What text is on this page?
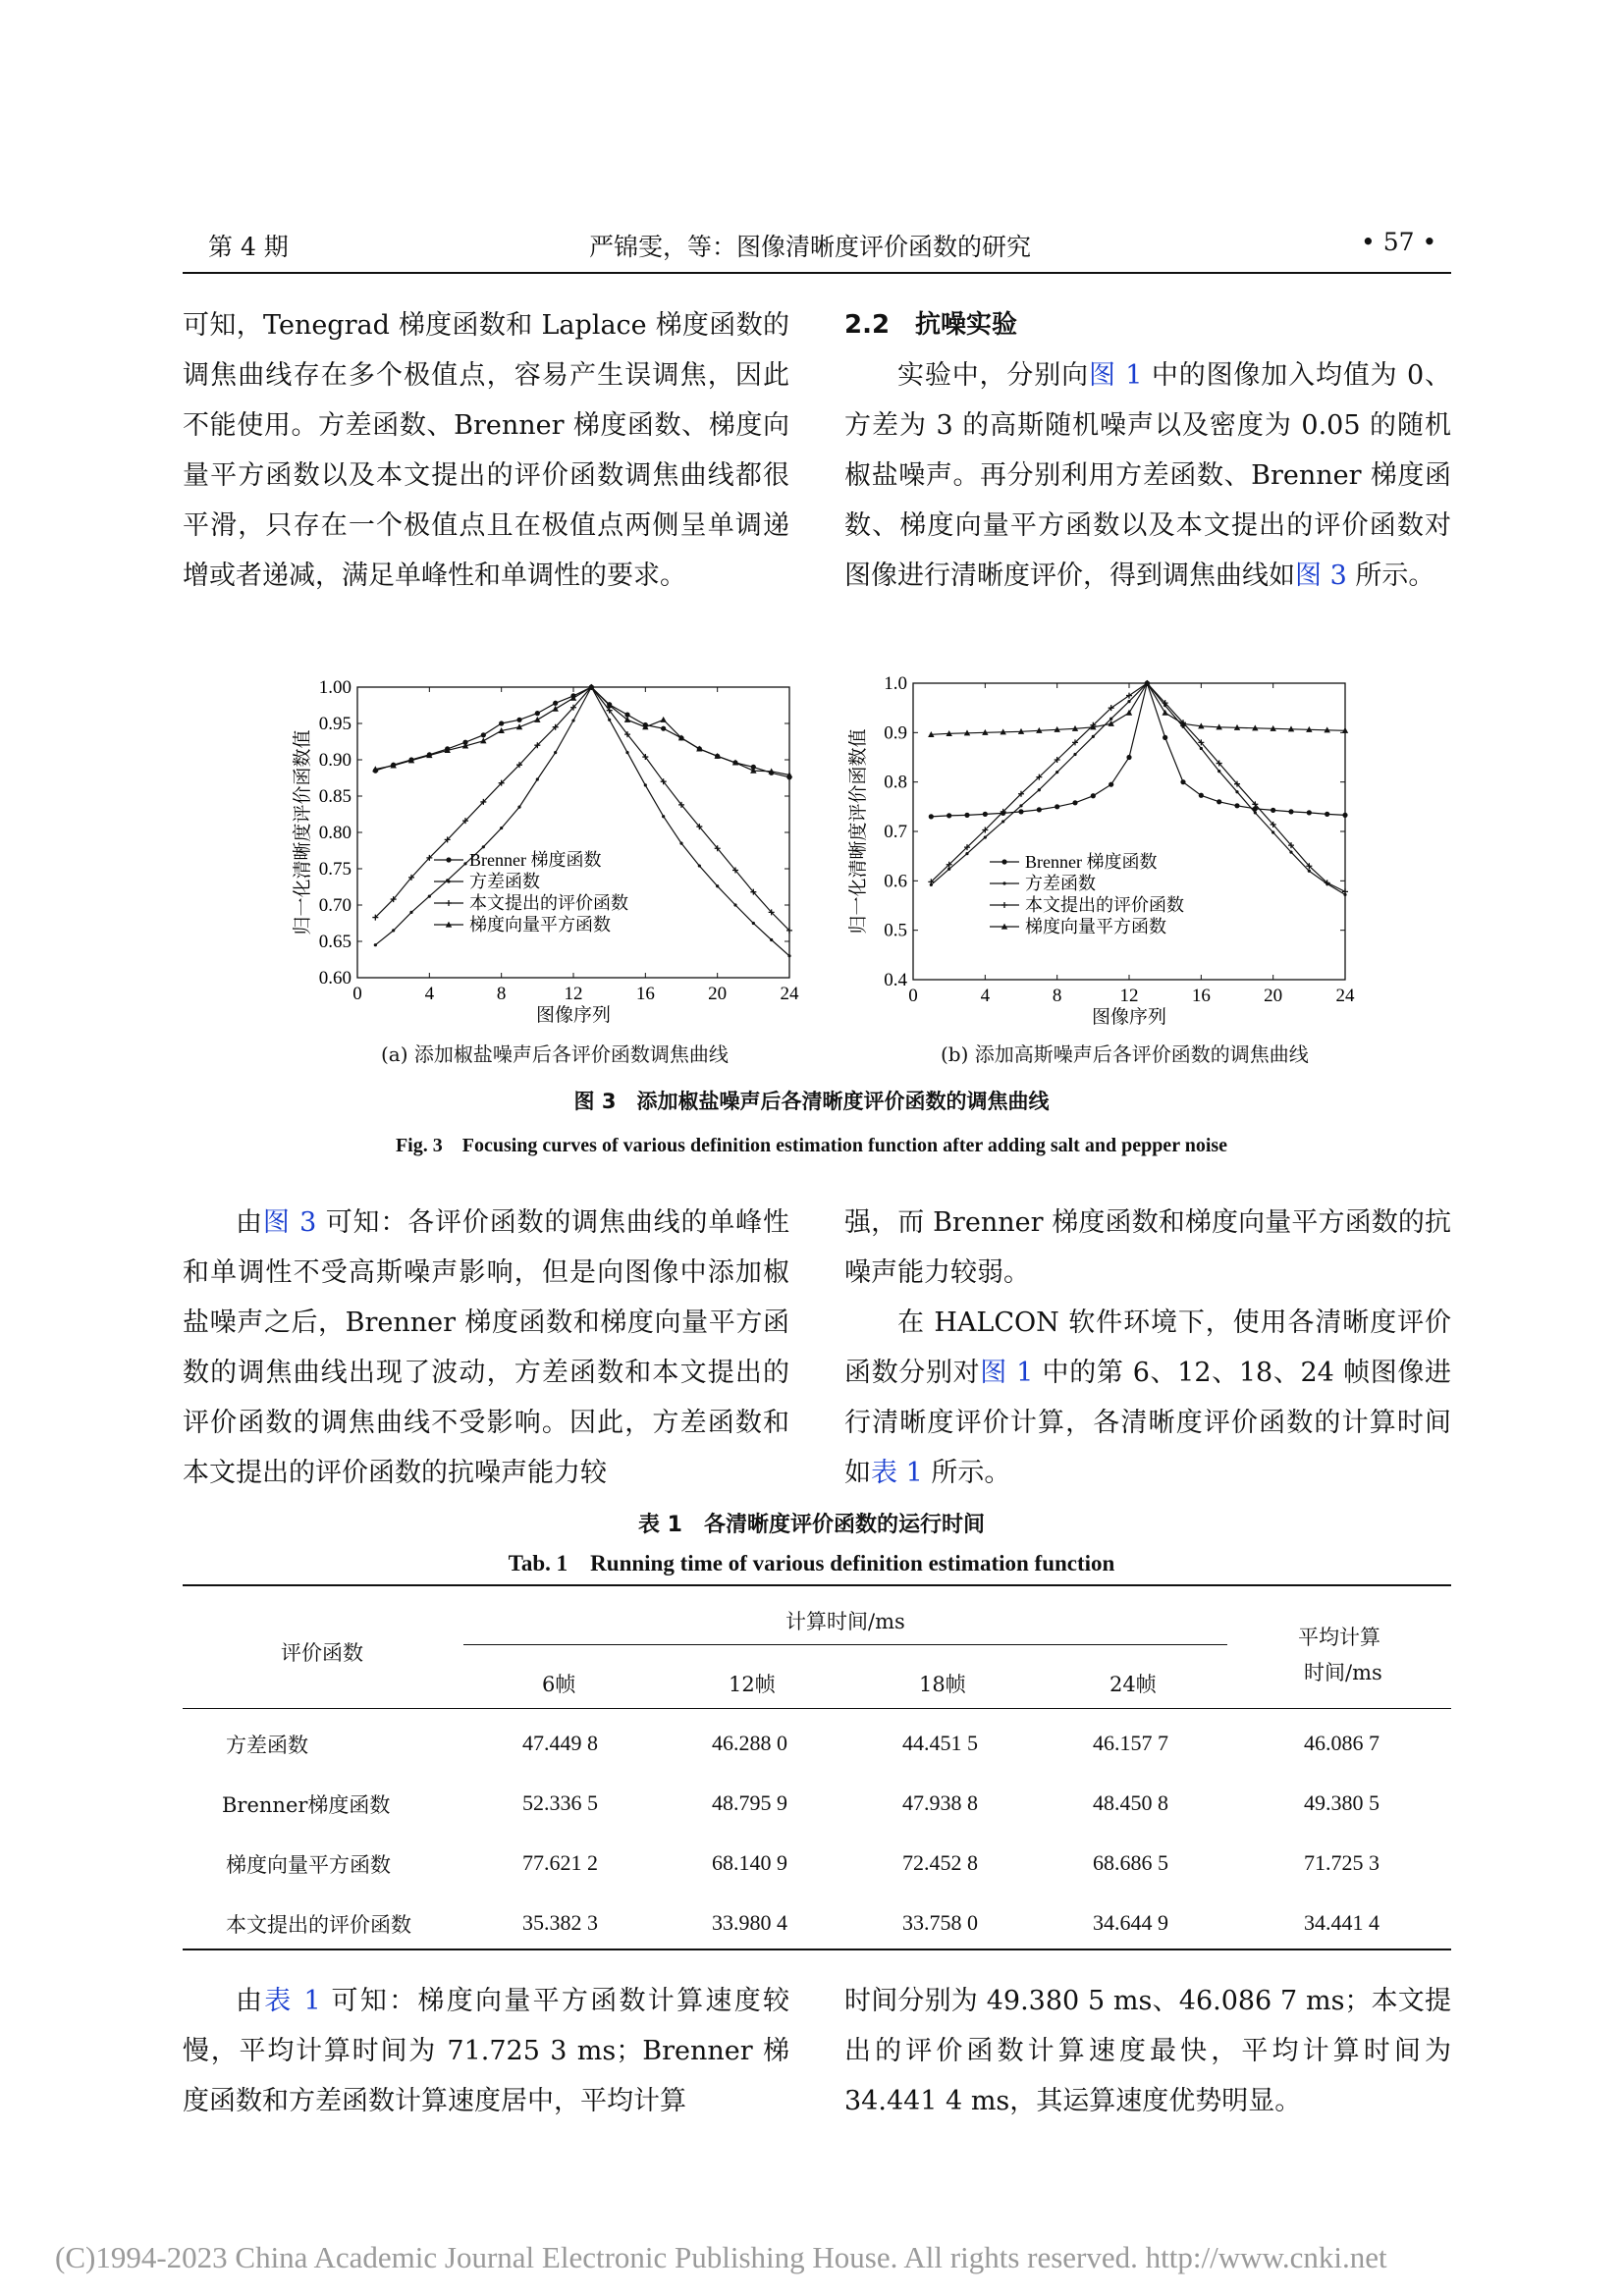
第 4 期	严锦雯，等：图像清晰度评价函数的研究	• 57 •

可知，Tenegrad 梯度函数和 Laplace 梯度函数的调焦曲线存在多个极值点，容易产生误调焦，因此不能使用。方差函数、Brenner 梯度函数、梯度向量平方函数以及本文提出的评价函数调焦曲线都很平滑，只存在一个极值点且在极值点两侧呈单调递增或者递减，满足单峰性和单调性的要求。

2.2　抗噪实验

实验中，分别向图 1 中的图像加入均值为 0、方差为 3 的高斯随机噪声以及密度为 0.05 的随机椒盐噪声。再分别利用方差函数、Brenner 梯度函数、梯度向量平方函数以及本文提出的评价函数对图像进行清晰度评价，得到调焦曲线如图 3 所示。

0.60
0.65
0.70
0.75
0.80
0.85
0.90
0.95
1.00
0	4	8	12	16	20	24
图像序列
归一化清晰度评价函数值	Brenner 梯度函数
方差函数
本文提出的评价函数
梯度向量平方函数
0.4
0.5
0.6
0.7
0.8
0.9
1.0
0	4	8	12	16	20	24
图像序列
归一化清晰度评价函数值	Brenner 梯度函数
方差函数
本文提出的评价函数
梯度向量平方函数
(a) 添加椒盐噪声后各评价函数调焦曲线	(b) 添加高斯噪声后各评价函数的调焦曲线
图 3　添加椒盐噪声后各清晰度评价函数的调焦曲线
Fig. 3　Focusing curves of various definition estimation function after adding salt and pepper noise

由图 3 可知：各评价函数的调焦曲线的单峰性和单调性不受高斯噪声影响，但是向图像中添加椒盐噪声之后，Brenner 梯度函数和梯度向量平方函数的调焦曲线出现了波动，方差函数和本文提出的评价函数的调焦曲线不受影响。因此，方差函数和本文提出的评价函数的抗噪声能力较

强，而 Brenner 梯度函数和梯度向量平方函数的抗噪声能力较弱。

在 HALCON 软件环境下，使用各清晰度评价函数分别对图 1 中的第 6、12、18、24 帧图像进行清晰度评价计算，各清晰度评价函数的计算时间如表 1 所示。

表 1　各清晰度评价函数的运行时间
Tab. 1　Running time of various definition estimation function
评价函数
计算时间/ms
平均计算
时间/ms
6帧	12帧	18帧	24帧
方差函数	47.449 8	46.288 0	44.451 5	46.157 7	46.086 7
Brenner梯度函数	52.336 5	48.795 9	47.938 8	48.450 8	49.380 5
梯度向量平方函数	77.621 2	68.140 9	72.452 8	68.686 5	71.725 3
本文提出的评价函数	35.382 3	33.980 4	33.758 0	34.644 9	34.441 4

由表 1 可知：梯度向量平方函数计算速度较慢，平均计算时间为 71.725 3 ms；Brenner 梯度函数和方差函数计算速度居中，平均计算

时间分别为 49.380 5 ms、46.086 7 ms；本文提出的评价函数计算速度最快，平均计算时间为 34.441 4 ms，其运算速度优势明显。

(C)1994-2023 China Academic Journal Electronic Publishing House. All rights reserved. http://www.cnki.net
